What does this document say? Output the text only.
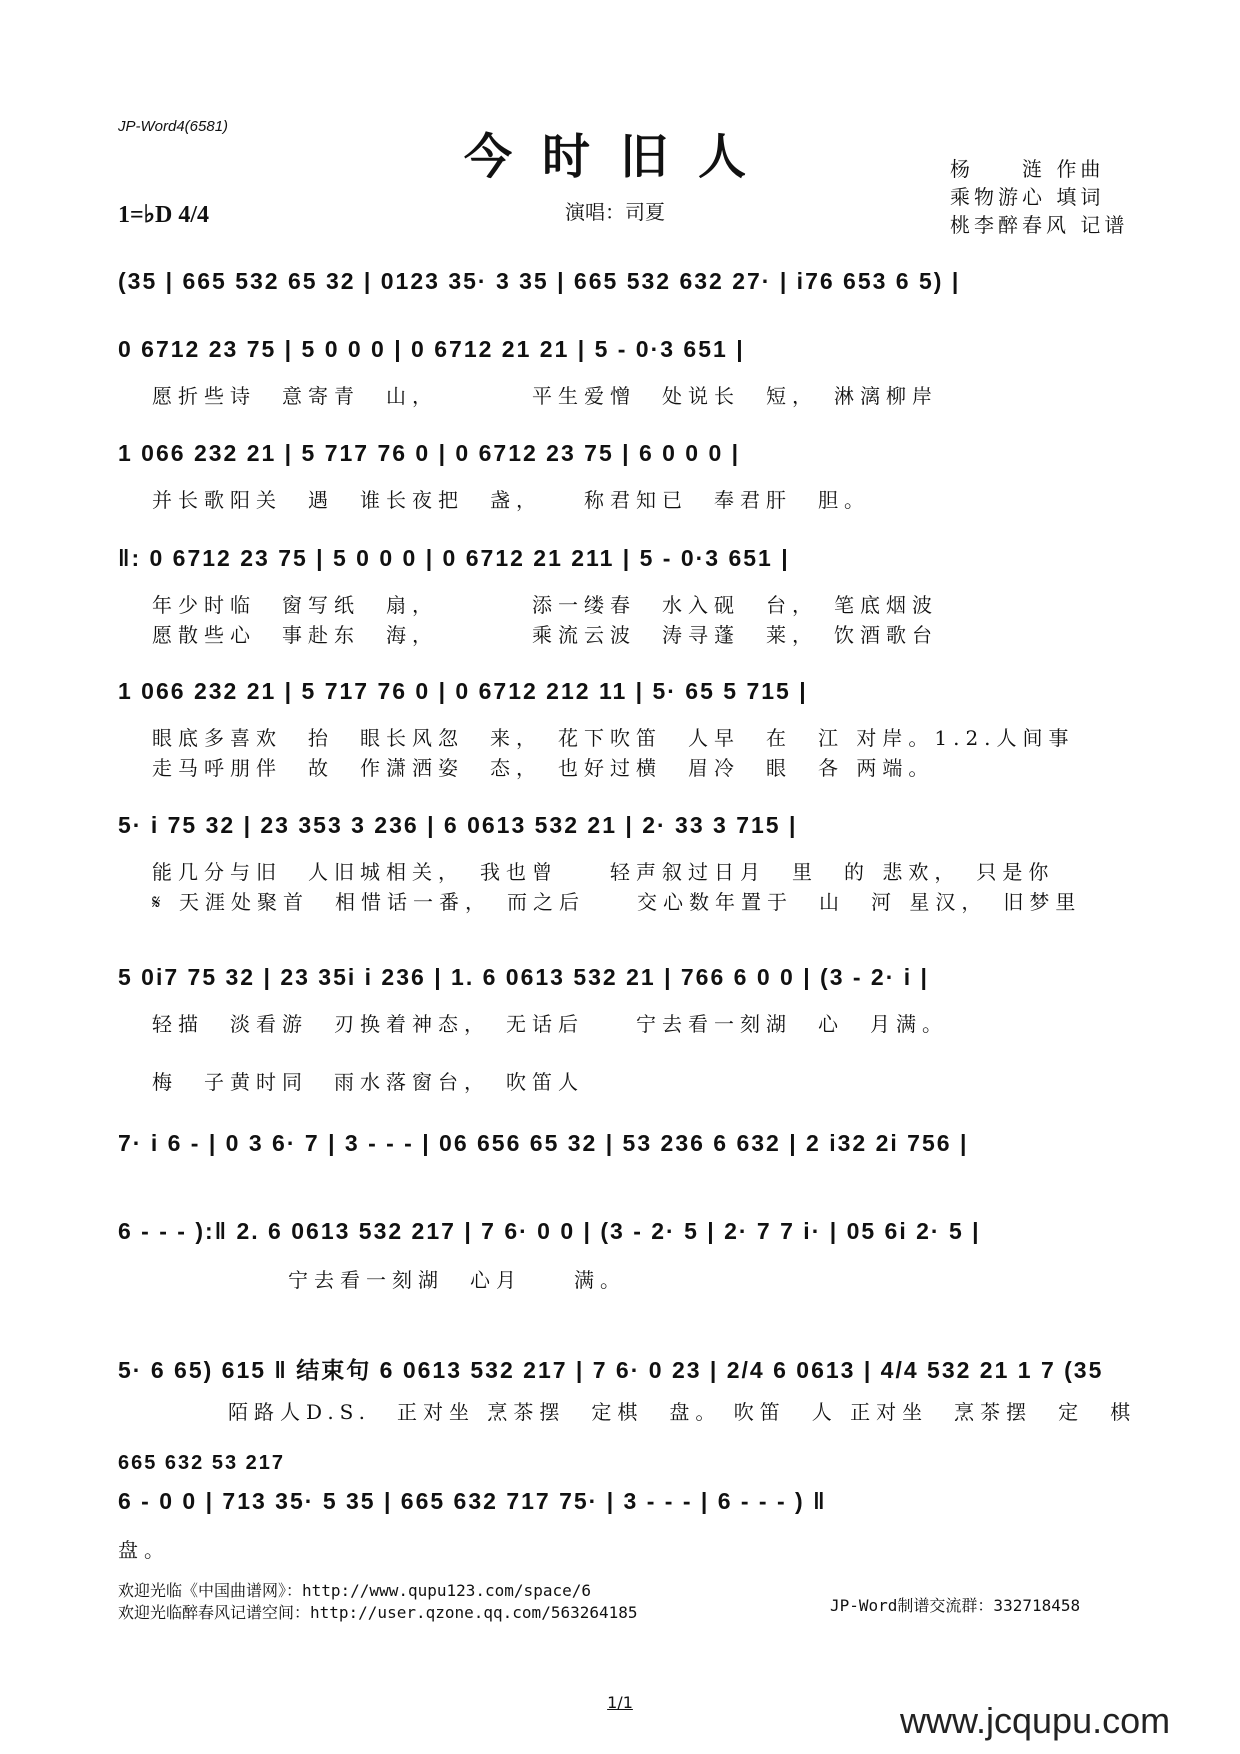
JP-Word4(6581)
今时旧人	杨　　涟 作曲
乘物游心 填词
桃李醉春风 记谱
1=♭D 4/4	演唱：司夏
(35 | 665 532 65 32 | 0123 35· 3 35 | 665 532 632 27· | i76 653 6 5) |
0 6712 23 75 | 5 0 0 0 | 0 6712 21 21 | 5 - 0·3 651 |
愿折些诗　意寄青　山，　　　　平生爱憎　处说长　短，　淋漓柳岸
1 066 232 21 | 5 717 76 0 | 0 6712 23 75 | 6 0 0 0 |
并长歌阳关　遇　谁长夜把　盏，　　称君知已　奉君肝　胆。
‖: 0 6712 23 75 | 5 0 0 0 | 0 6712 21 211 | 5 - 0·3 651 |
年少时临　窗写纸　扇，　　　　添一缕春　水入砚　台，　笔底烟波
愿散些心　事赴东　海，　　　　乘流云波　涛寻蓬　莱，　饮酒歌台
1 066 232 21 | 5 717 76 0 | 0 6712 212 11 | 5· 65 5 715 |
眼底多喜欢　抬　眼长风忽　来，　花下吹笛　人早　在　江 对岸。1.2.人间事
走马呼朋伴　故　作潇洒姿　态，　也好过横　眉冷　眼　各 两端。
5· i 75 32 | 23 353 3 236 | 6 0613 532 21 | 2· 33 3 715 |
能几分与旧　人旧城相关，　我也曾　　轻声叙过日月　里　的 悲欢，　只是你
𝄋 天涯处聚首　相惜话一番，　而之后　　交心数年置于　山　河 星汉，　旧梦里
5 0i7 75 32 | 23 35i i 236 | 1. 6 0613 532 21 | 766 6 0 0 | (3 - 2· i |
轻描　淡看游　刃换着神态，　无话后　　宁去看一刻湖　心　月满。
梅　子黄时同　雨水落窗台，　吹笛人
7· i 6 - | 0 3 6· 7 | 3 - - - | 06 656 65 32 | 53 236 6 632 | 2 i32 2i 756 |
6 - - - ):‖ 2. 6 0613 532 217 | 7 6· 0 0 | (3 - 2· 5 | 2· 7 7 i· | 05 6i 2· 5 |
宁去看一刻湖　心月　　满。
5· 6 65) 615 ‖ 结束句 6 0613 532 217 | 7 6· 0 23 | 2/4 6 0613 | 4/4 532 21 1 7 (35
陌路人D.S.　正对坐 烹茶摆　定棋　盘。 吹笛　人 正对坐　烹茶摆　定　棋
665 632 53 217
6 - 0 0 | 713 35· 5 35 | 665 632 717 75· | 3 - - - | 6 - - - ) ‖
盘。
欢迎光临《中国曲谱网》：http://www.qupu123.com/space/6
欢迎光临醉春风记谱空间：http://user.qzone.qq.com/563264185	JP-Word制谱交流群：332718458
1/1	www.jcqupu.com
